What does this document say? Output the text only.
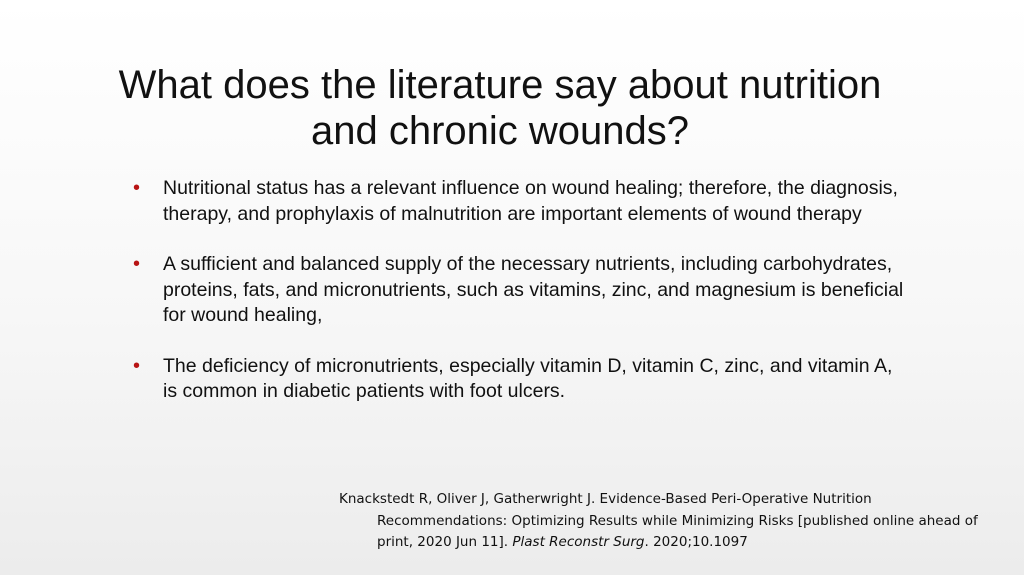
What does the literature say about nutrition and chronic wounds?
• Nutritional status has a relevant influence on wound healing; therefore, the diagnosis, therapy, and prophylaxis of malnutrition are important elements of wound therapy
• A sufficient and balanced supply of the necessary nutrients, including carbohydrates, proteins, fats, and micronutrients, such as vitamins, zinc, and magnesium is beneficial for wound healing,
• The deficiency of micronutrients, especially vitamin D, vitamin C, zinc, and vitamin A, is common in diabetic patients with foot ulcers.
Knackstedt R, Oliver J, Gatherwright J. Evidence-Based Peri-Operative Nutrition Recommendations: Optimizing Results while Minimizing Risks [published online ahead of print, 2020 Jun 11]. Plast Reconstr Surg. 2020;10.1097
